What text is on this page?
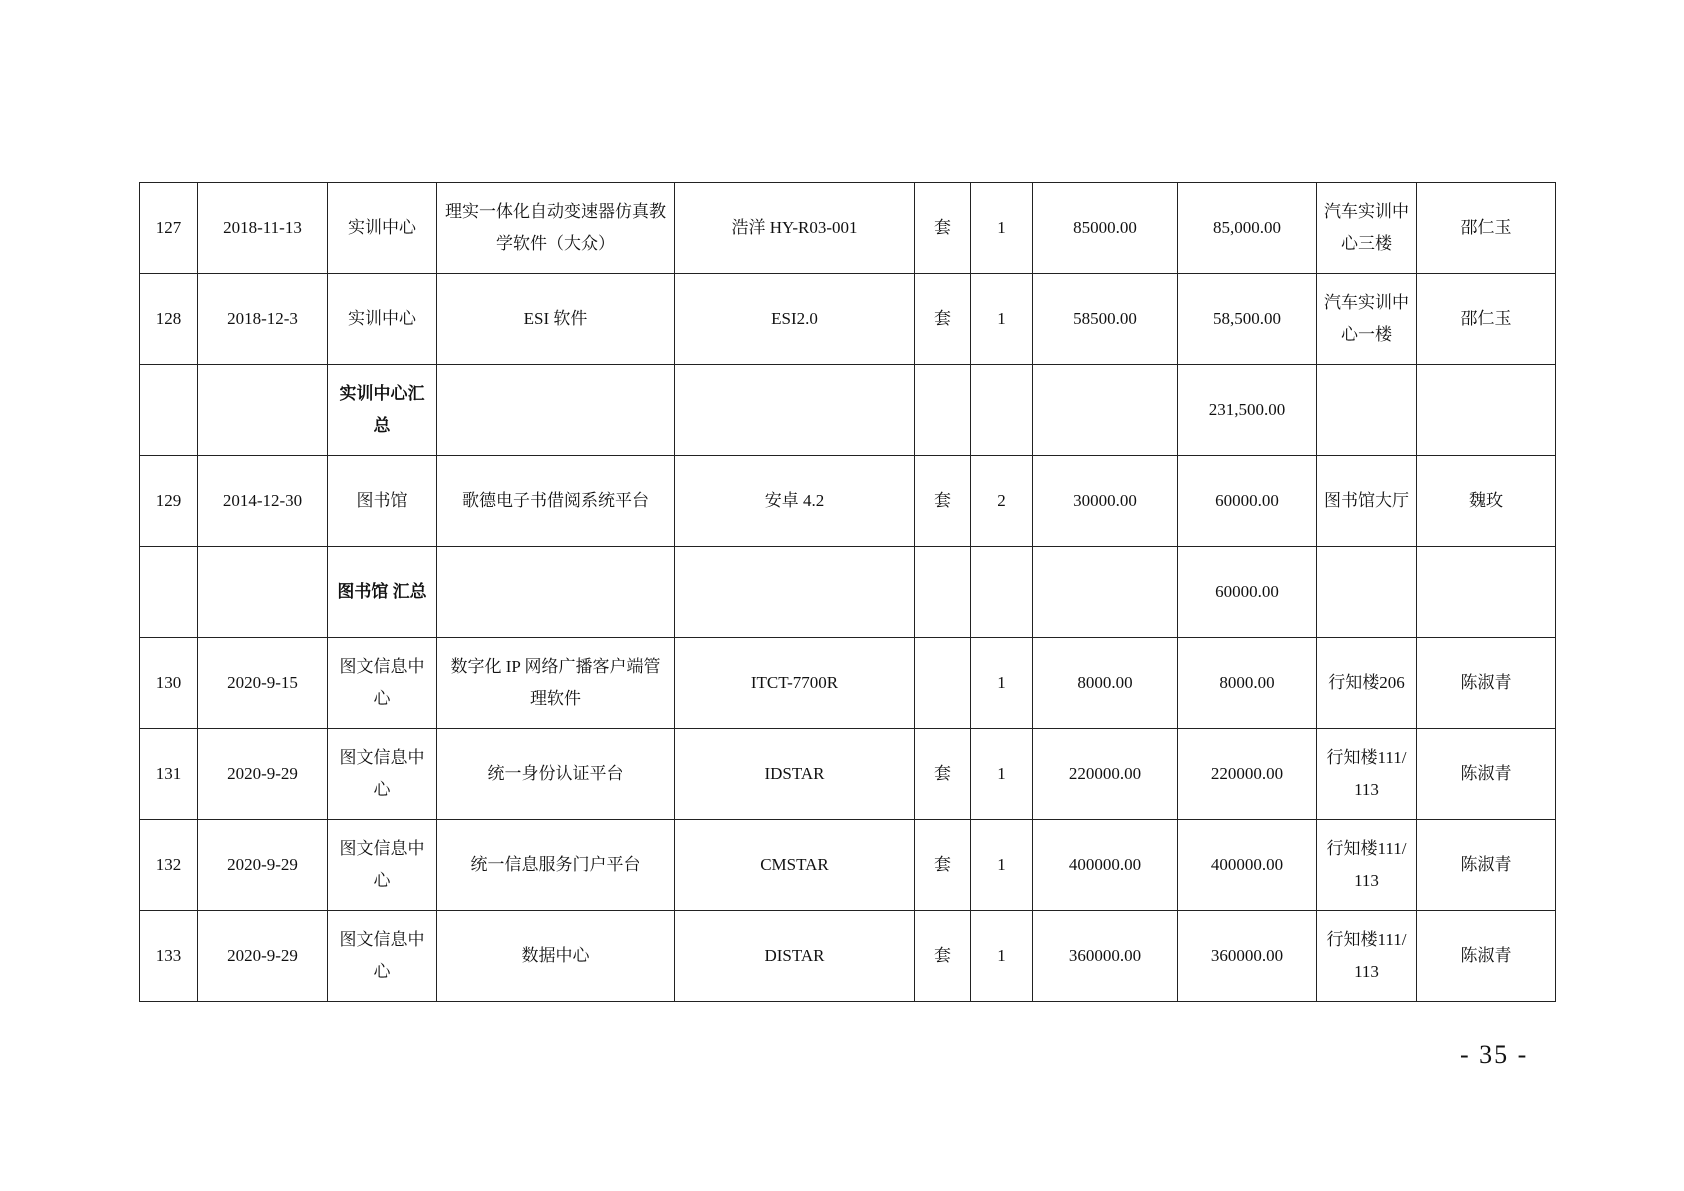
127	2018-11-13	实训中心	理实一体化自动变速器仿真教学软件（大众）	浩洋 HY-R03-001	套	1	85000.00	85,000.00	汽车实训中心三楼	邵仁玉
128	2018-12-3	实训中心	ESI 软件	ESI2.0	套	1	58500.00	58,500.00	汽车实训中心一楼	邵仁玉
		实训中心汇总						231,500.00		
129	2014-12-30	图书馆	歌德电子书借阅系统平台	安卓 4.2	套	2	30000.00	60000.00	图书馆大厅	魏玫
		图书馆 汇总						60000.00		
130	2020-9-15	图文信息中心	数字化 IP 网络广播客户端管理软件	ITCT-7700R		1	8000.00	8000.00	行知楼206	陈淑青
131	2020-9-29	图文信息中心	统一身份认证平台	IDSTAR	套	1	220000.00	220000.00	行知楼111/113	陈淑青
132	2020-9-29	图文信息中心	统一信息服务门户平台	CMSTAR	套	1	400000.00	400000.00	行知楼111/113	陈淑青
133	2020-9-29	图文信息中心	数据中心	DISTAR	套	1	360000.00	360000.00	行知楼111/113	陈淑青
- 35 -
